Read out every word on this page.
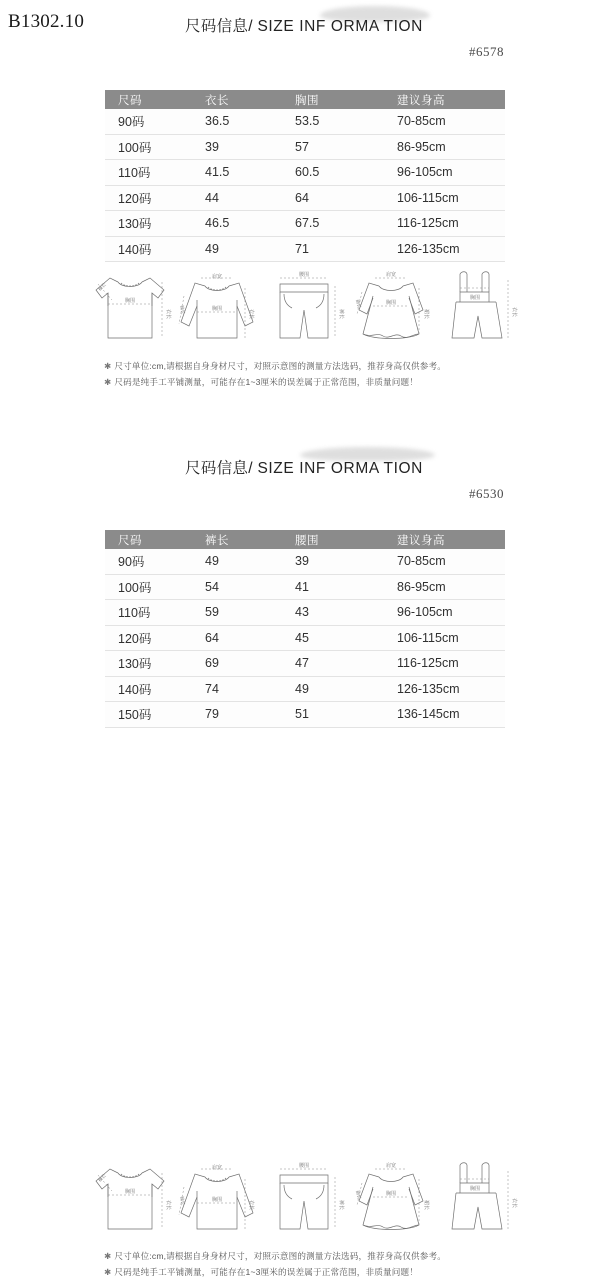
B1302.10	尺码信息/ SIZE INF ORMA TION
#6578
尺码	衣长	胸围	建议身高
90码	36.5	53.5	70-85cm
100码	39	57	86-95cm
110码	41.5	60.5	96-105cm
120码	44	64	106-115cm
130码	46.5	67.5	116-125cm
140码	49	71	126-135cm
胸围
衣长
袖长
肩宽
胸围	衣长
袖长
腰围
裤长
肩宽
胸围
裙长
袖长
胸围
衣长
✱ 尺寸单位:cm,请根据自身身材尺寸，对照示意图的测量方法选码，推荐身高仅供参考。
✱ 尺码是纯手工平铺测量，可能存在1~3厘米的误差属于正常范围，非质量问题！
尺码信息/ SIZE INF ORMA TION
#6530
尺码	裤长	腰围	建议身高
90码	49	39	70-85cm
100码	54	41	86-95cm
110码	59	43	96-105cm
120码	64	45	106-115cm
130码	69	47	116-125cm
140码	74	49	126-135cm
150码	79	51	136-145cm
胸围
衣长
袖长
肩宽
胸围	衣长
袖长
腰围
裤长
肩宽
胸围
裙长
袖长
胸围
衣长
✱ 尺寸单位:cm,请根据自身身材尺寸，对照示意图的测量方法选码，推荐身高仅供参考。
✱ 尺码是纯手工平铺测量，可能存在1~3厘米的误差属于正常范围，非质量问题！
